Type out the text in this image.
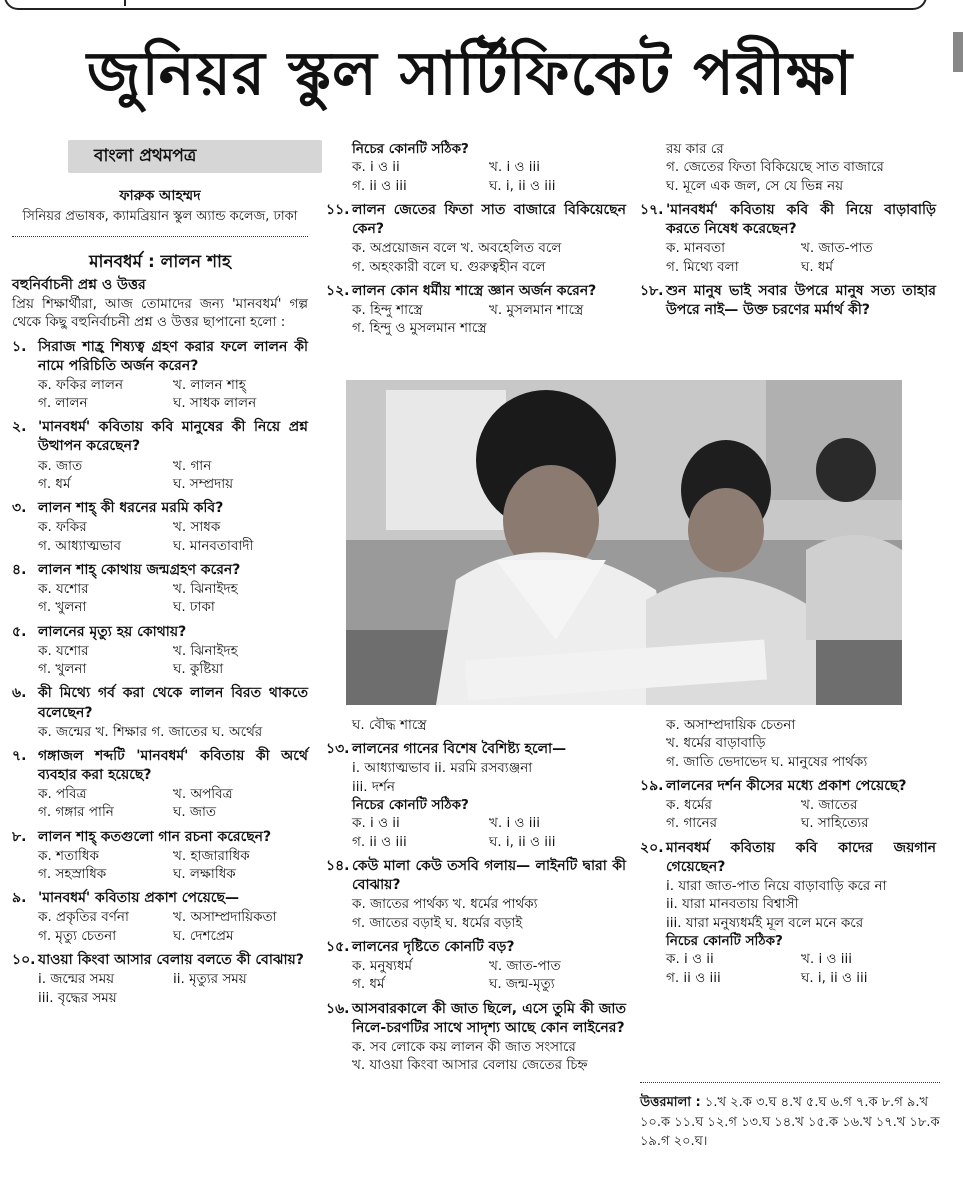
জুনিয়র স্কুল সার্টিফিকেট পরীক্ষা
বাংলা প্রথমপত্র
ফারুক আহম্মদ
সিনিয়র প্রভাষক, ক্যামব্রিয়ান স্কুল অ্যান্ড কলেজ, ঢাকা
মানবধর্ম : লালন শাহ
বহুনির্বাচনী প্রশ্ন ও উত্তর
প্রিয় শিক্ষার্থীরা, আজ তোমাদের জন্য 'মানবধর্ম' গল্প থেকে কিছু বহুনির্বাচনী প্রশ্ন ও উত্তর ছাপানো হলো :
১. সিরাজ শাহ্র শিষ্যত্ব গ্রহণ করার ফলে লালন কী নামে পরিচিতি অর্জন করেন?
ক. ফকির লালন	খ. লালন শাহ্
গ. লালন	ঘ. সাধক লালন
২. 'মানবধর্ম' কবিতায় কবি মানুষের কী নিয়ে প্রশ্ন উত্থাপন করেছেন?
ক. জাত	খ. গান
গ. ধর্ম	ঘ. সম্প্রদায়
৩. লালন শাহ্ কী ধরনের মরমি কবি?
ক. ফকির	খ. সাধক
গ. আধ্যাত্মভাব	ঘ. মানবতাবাদী
৪. লালন শাহ্ কোথায় জন্মগ্রহণ করেন?
ক. যশোর	খ. ঝিনাইদহ
গ. খুলনা	ঘ. ঢাকা
৫. লালনের মৃত্যু হয় কোথায়?
ক. যশোর	খ. ঝিনাইদহ
গ. খুলনা	ঘ. কুষ্টিয়া
৬. কী মিথ্যে গর্ব করা থেকে লালন বিরত থাকতে বলেছেন?
ক. জন্মের খ. শিক্ষার গ. জাতের ঘ. অর্থের
৭. গঙ্গাজল শব্দটি 'মানবধর্ম' কবিতায় কী অর্থে ব্যবহার করা হয়েছে?
ক. পবিত্র	খ. অপবিত্র
গ. গঙ্গার পানি	ঘ. জাত
৮. লালন শাহ্ কতগুলো গান রচনা করেছেন?
ক. শতাধিক	খ. হাজারাধিক
গ. সহস্রাধিক	ঘ. লক্ষাধিক
৯. 'মানবধর্ম' কবিতায় প্রকাশ পেয়েছে—
ক. প্রকৃতির বর্ণনা	খ. অসাম্প্রদায়িকতা
গ. মৃত্যু চেতনা	ঘ. দেশপ্রেম
১০. যাওয়া কিংবা আসার বেলায় বলতে কী বোঝায়?
i. জন্মের সময়	ii. মৃত্যুর সময়
iii. বৃদ্ধের সময়
নিচের কোনটি সঠিক?
ক. i ও ii	খ. i ও iii
গ. ii ও iii	ঘ. i, ii ও iii
১১. লালন জেতের ফিতা সাত বাজারে বিকিয়েছেন কেন?
ক. অপ্রয়োজন বলে খ. অবহেলিত বলে
গ. অহংকারী বলে ঘ. গুরুত্বহীন বলে
১২. লালন কোন ধর্মীয় শাস্ত্রে জ্ঞান অর্জন করেন?
ক. হিন্দু শাস্ত্রে	খ. মুসলমান শাস্ত্রে
গ. হিন্দু ও মুসলমান শাস্ত্রে
রয় কার রে
গ. জেতের ফিতা বিকিয়েছে সাত বাজারে
ঘ. মূলে এক জল, সে যে ভিন্ন নয়
১৭. 'মানবধর্ম' কবিতায় কবি কী নিয়ে বাড়াবাড়ি করতে নিষেধ করেছেন?
ক. মানবতা	খ. জাত-পাত
গ. মিথ্যে বলা	ঘ. ধর্ম
১৮. শুন মানুষ ভাই সবার উপরে মানুষ সত্য তাহার উপরে নাই— উক্ত চরণের মর্মার্থ কী?
ঘ. বৌদ্ধ শাস্ত্রে
১৩. লালনের গানের বিশেষ বৈশিষ্ট্য হলো—
i. আধ্যাত্মভাব ii. মরমি রসব্যঞ্জনা
iii. দর্শন
নিচের কোনটি সঠিক?
ক. i ও ii	খ. i ও iii
গ. ii ও iii	ঘ. i, ii ও iii
১৪. কেউ মালা কেউ তসবি গলায়— লাইনটি দ্বারা কী বোঝায়?
ক. জাতের পার্থক্য খ. ধর্মের পার্থক্য
গ. জাতের বড়াই ঘ. ধর্মের বড়াই
১৫. লালনের দৃষ্টিতে কোনটি বড়?
ক. মনুষ্যধর্ম	খ. জাত-পাত
গ. ধর্ম	ঘ. জন্ম-মৃত্যু
১৬. আসবারকালে কী জাত ছিলে, এসে তুমি কী জাত নিলে-চরণটির সাথে সাদৃশ্য আছে কোন লাইনের?
ক. সব লোকে কয় লালন কী জাত সংসারে
খ. যাওয়া কিংবা আসার বেলায় জেতের চিহ্ন
ক. অসাম্প্রদায়িক চেতনা
খ. ধর্মের বাড়াবাড়ি
গ. জাতি ভেদাভেদ ঘ. মানুষের পার্থক্য
১৯. লালনের দর্শন কীসের মধ্যে প্রকাশ পেয়েছে?
ক. ধর্মের	খ. জাতের
গ. গানের	ঘ. সাহিত্যের
২০. মানবধর্ম কবিতায় কবি কাদের জয়গান গেয়েছেন?
i. যারা জাত-পাত নিয়ে বাড়াবাড়ি করে না
ii. যারা মানবতায় বিশ্বাসী
iii. যারা মনুষ্যধর্মই মূল বলে মনে করে
নিচের কোনটি সঠিক?
ক. i ও ii	খ. i ও iii
গ. ii ও iii	ঘ. i, ii ও iii
উত্তরমালা : ১.খ ২.ক ৩.ঘ ৪.খ ৫.ঘ ৬.গ ৭.ক ৮.গ ৯.খ ১০.ক ১১.ঘ ১২.গ ১৩.ঘ ১৪.খ ১৫.ক ১৬.খ ১৭.খ ১৮.ক ১৯.গ ২০.ঘ।
